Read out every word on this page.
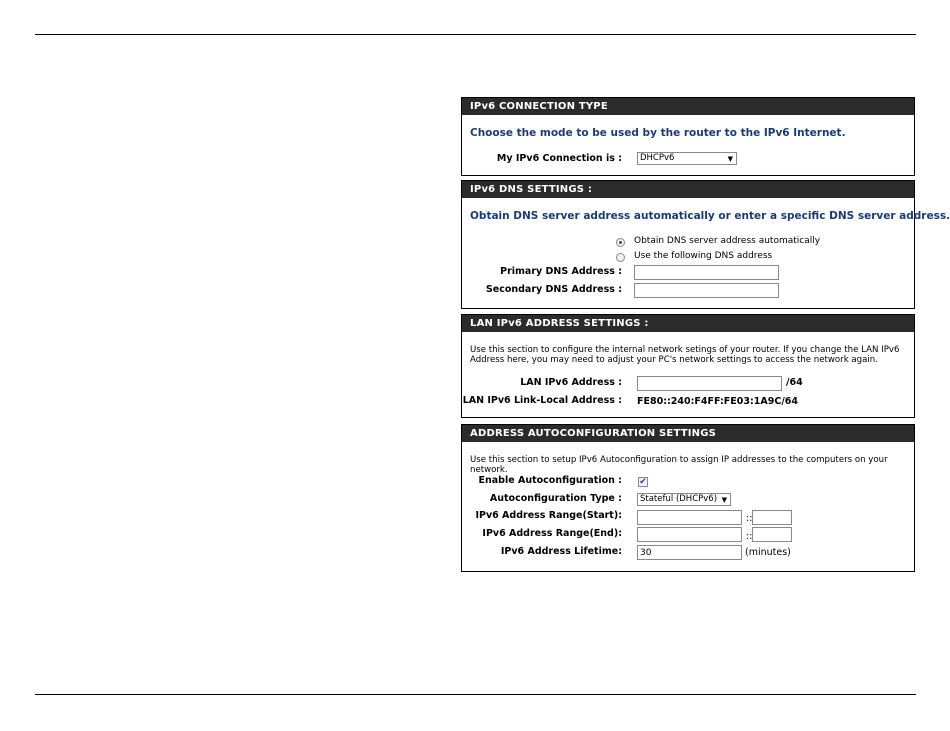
IPv6 CONNECTION TYPE
Choose the mode to be used by the router to the IPv6 Internet.
My IPv6 Connection is :	DHCPv6	▼
IPv6 DNS SETTINGS :
Obtain DNS server address automatically or enter a specific DNS server address.
Obtain DNS server address automatically
Use the following DNS address
Primary DNS Address :
Secondary DNS Address :
LAN IPv6 ADDRESS SETTINGS :
Use this section to configure the internal network setings of your router. If you change the LAN IPv6 Address here, you may need to adjust your PC's network settings to access the network again.
LAN IPv6 Address :	/64
LAN IPv6 Link-Local Address : FE80::240:F4FF:FE03:1A9C/64
ADDRESS AUTOCONFIGURATION SETTINGS
Use this section to setup IPv6 Autoconfiguration to assign IP addresses to the computers on your network.
Enable Autoconfiguration : ✔
Autoconfiguration Type :	Stateful (DHCPv6) ▼
IPv6 Address Range(Start):	::
IPv6 Address Range(End):	::
IPv6 Address Lifetime:
30	(minutes)
